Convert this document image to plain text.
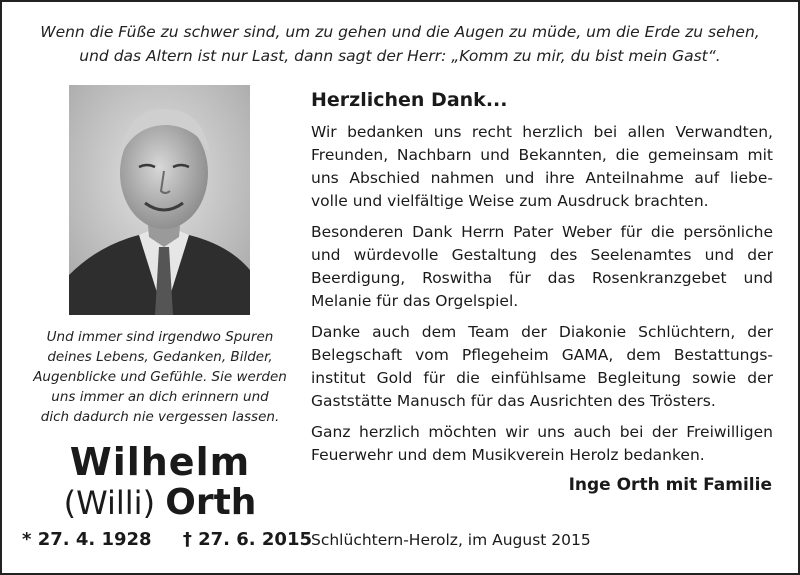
Wenn die Füße zu schwer sind, um zu gehen und die Augen zu müde, um die Erde zu sehen,
und das Altern ist nur Last, dann sagt der Herr: „Komm zu mir, du bist mein Gast“.
Und immer sind irgendwo Spuren
deines Lebens, Gedanken, Bilder,
Augenblicke und Gefühle. Sie werden
uns immer an dich erinnern und
dich dadurch nie vergessen lassen.
Wilhelm
(Willi) Orth
* 27. 4. 1928 † 27. 6. 2015
Herzlichen Dank...
Wir bedanken uns recht herzlich bei allen Verwandten,
Freunden, Nachbarn und Bekannten, die gemeinsam mit
uns Abschied nahmen und ihre Anteilnahme auf liebe-
volle und vielfältige Weise zum Ausdruck brachten.
Besonderen Dank Herrn Pater Weber für die persönliche
und würdevolle Gestaltung des Seelenamtes und der
Beerdigung, Roswitha für das Rosenkranzgebet und
Melanie für das Orgelspiel.
Danke auch dem Team der Diakonie Schlüchtern, der
Belegschaft vom Pflegeheim GAMA, dem Bestattungs-
institut Gold für die einfühlsame Begleitung sowie der
Gaststätte Manusch für das Ausrichten des Trösters.
Ganz herzlich möchten wir uns auch bei der Freiwilligen
Feuerwehr und dem Musikverein Herolz bedanken.
Inge Orth mit Familie
Schlüchtern-Herolz, im August 2015
